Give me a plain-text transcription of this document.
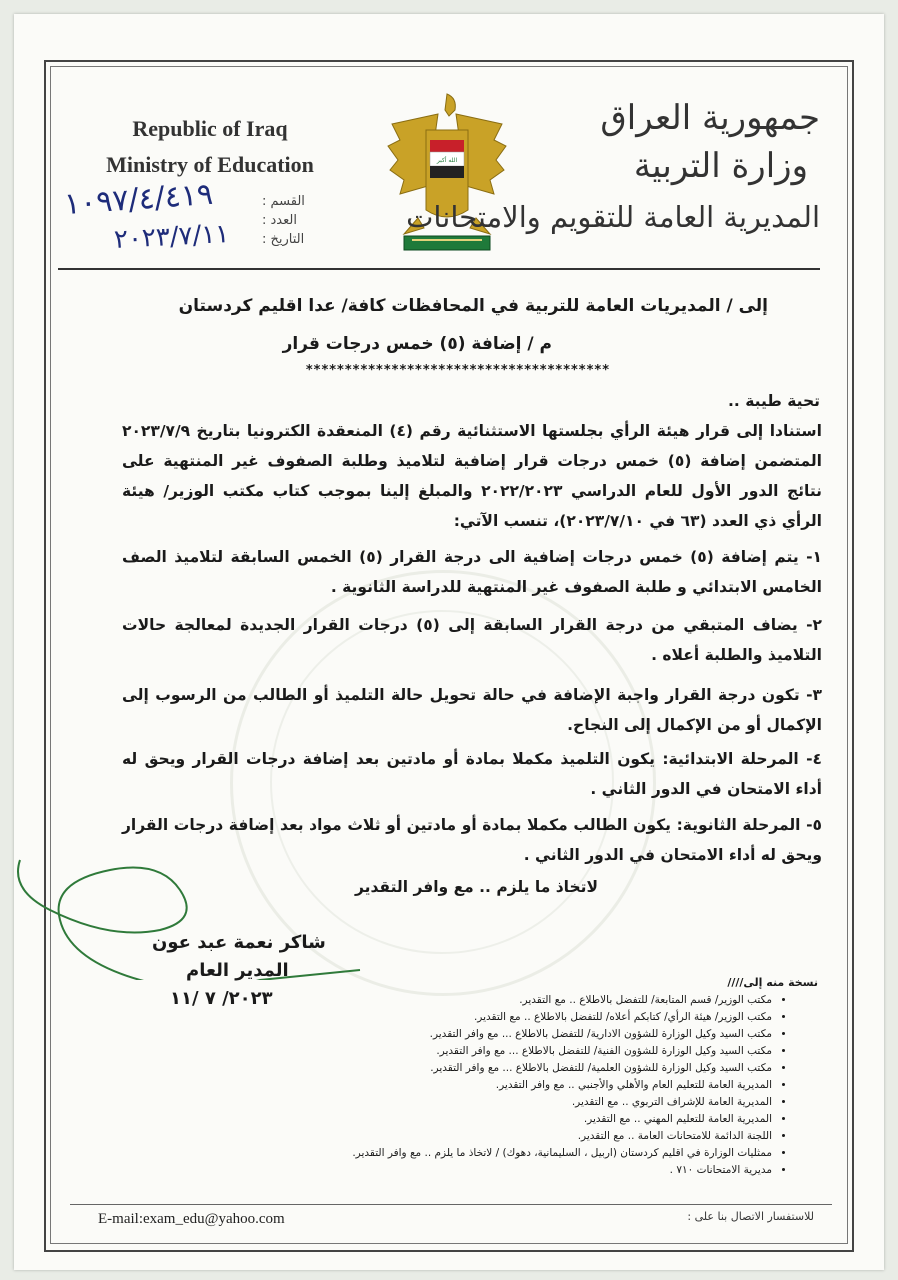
Republic of Iraq
Ministry of Education	الله أكبر
جمهورية العراق
وزارة التربية
المديرية العامة للتقويم والامتحانات
القسم :
العدد :
التاريخ :
١٠٩٧/٤/٤١٩
٢٠٢٣/٧/١١
إلى / المديريات العامة للتربية في المحافظات كافة/ عدا اقليم كردستان
م / إضافة (٥) خمس درجات قرار
***************************************
تحية طيبة ..
استنادا إلى قرار هيئة الرأي بجلستها الاستثنائية رقم (٤) المنعقدة الكترونيا بتاريخ ٢٠٢٣/٧/٩ المتضمن إضافة (٥) خمس درجات قرار إضافية لتلاميذ وطلبة الصفوف غير المنتهية على نتائج الدور الأول للعام الدراسي ٢٠٢٢/٢٠٢٣ والمبلغ إلينا بموجب كتاب مكتب الوزير/ هيئة الرأي ذي العدد (٦٣ في ٢٠٢٣/٧/١٠)، تنسب الآتي:
١- يتم إضافة (٥) خمس درجات إضافية الى درجة القرار (٥) الخمس السابقة لتلاميذ الصف الخامس الابتدائي و طلبة الصفوف غير المنتهية للدراسة الثانوية .
٢- يضاف المتبقي من درجة القرار السابقة إلى (٥) درجات القرار الجديدة لمعالجة حالات التلاميذ والطلبة أعلاه .
٣- تكون درجة القرار واجبة الإضافة في حالة تحويل حالة التلميذ أو الطالب من الرسوب إلى الإكمال أو من الإكمال إلى النجاح.
٤- المرحلة الابتدائية: يكون التلميذ مكملا بمادة أو مادتين بعد إضافة درجات القرار ويحق له أداء الامتحان في الدور الثاني .
٥- المرحلة الثانوية: يكون الطالب مكملا بمادة أو مادتين أو ثلاث مواد بعد إضافة درجات القرار ويحق له أداء الامتحان في الدور الثاني .
لاتخاذ ما يلزم .. مع وافر التقدير
شاكر نعمة عبد عون
المدير العام
٢٠٢٣/ ٧ /١١
نسخة منه إلى////
• مكتب الوزير/ قسم المتابعة/ للتفضل بالاطلاع .. مع التقدير.
• مكتب الوزير/ هيئة الرأي/ كتابكم أعلاه/ للتفضل بالاطلاع .. مع التقدير.
• مكتب السيد وكيل الوزارة للشؤون الادارية/ للتفضل بالاطلاع ... مع وافر التقدير.
• مكتب السيد وكيل الوزارة للشؤون الفنية/ للتفضل بالاطلاع ... مع وافر التقدير.
• مكتب السيد وكيل الوزارة للشؤون العلمية/ للتفضل بالاطلاع ... مع وافر التقدير.
• المديرية العامة للتعليم العام والأهلي والأجنبي .. مع وافر التقدير.
• المديرية العامة للإشراف التربوي .. مع التقدير.
• المديرية العامة للتعليم المهني .. مع التقدير.
• اللجنة الدائمة للامتحانات العامة .. مع التقدير.
• ممثليات الوزارة في اقليم كردستان (اربيل ، السليمانية، دهوك) / لاتخاذ ما يلزم .. مع وافر التقدير.
• مديرية الامتحانات ٧١٠ .
E-mail:exam_edu@yahoo.com	للاستفسار الاتصال بنا على :
